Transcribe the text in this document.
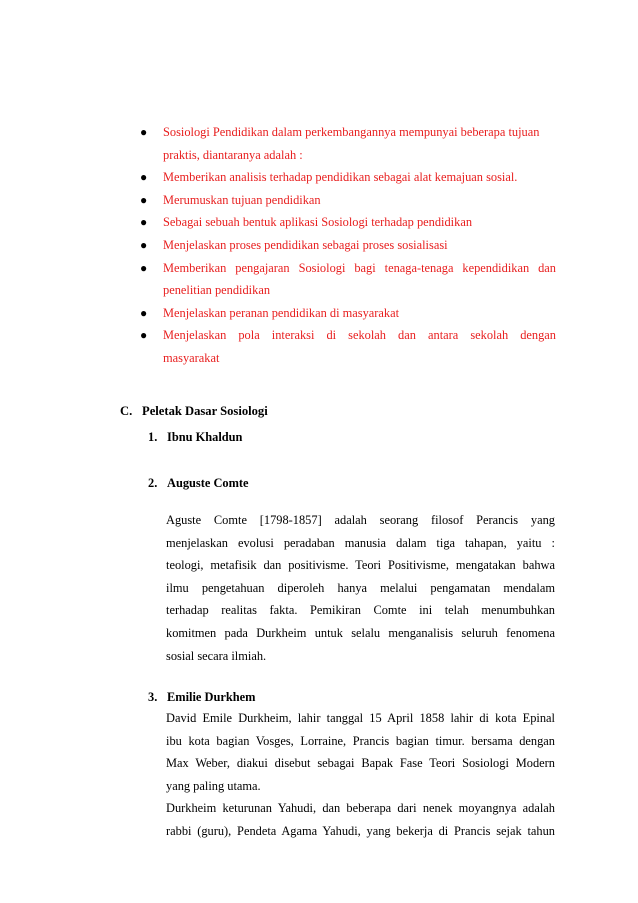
● Sosiologi Pendidikan dalam perkembangannya mempunyai beberapa tujuan
praktis, diantaranya adalah :
● Memberikan analisis terhadap pendidikan sebagai alat kemajuan sosial.
● Merumuskan tujuan pendidikan
● Sebagai sebuah bentuk aplikasi Sosiologi terhadap pendidikan
● Menjelaskan proses pendidikan sebagai proses sosialisasi
● Memberikan pengajaran Sosiologi bagi tenaga-tenaga kependidikan dan
penelitian pendidikan
● Menjelaskan peranan pendidikan di masyarakat
● Menjelaskan pola interaksi di sekolah dan antara sekolah dengan
masyarakat
C. Peletak Dasar Sosiologi
1. Ibnu Khaldun
2. Auguste Comte
Aguste Comte [1798-1857] adalah seorang filosof Perancis yang
menjelaskan evolusi peradaban manusia dalam tiga tahapan, yaitu :
teologi, metafisik dan positivisme. Teori Positivisme, mengatakan bahwa
ilmu pengetahuan diperoleh hanya melalui pengamatan mendalam
terhadap realitas fakta. Pemikiran Comte ini telah menumbuhkan
komitmen pada Durkheim untuk selalu menganalisis seluruh fenomena
sosial secara ilmiah.
3. Emilie Durkhem
David Emile Durkheim, lahir tanggal 15 April 1858 lahir di kota Epinal
ibu kota bagian Vosges, Lorraine, Prancis bagian timur. bersama dengan
Max Weber, diakui disebut sebagai Bapak Fase Teori Sosiologi Modern
yang paling utama.
Durkheim keturunan Yahudi, dan beberapa dari nenek moyangnya adalah
rabbi (guru), Pendeta Agama Yahudi, yang bekerja di Prancis sejak tahun
